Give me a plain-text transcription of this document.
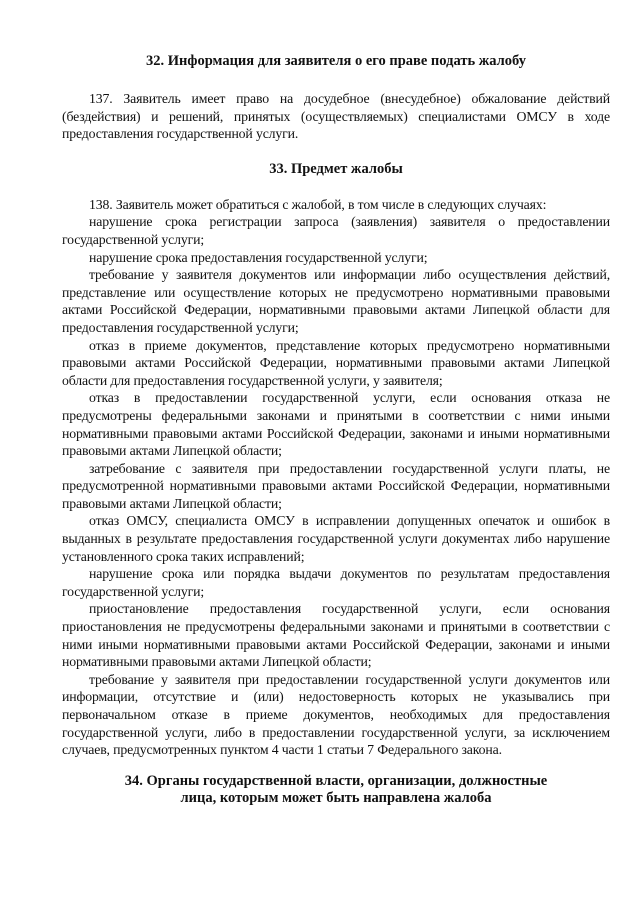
32. Информация для заявителя о его праве подать жалобу

137. Заявитель имеет право на досудебное (внесудебное) обжалование действий (бездействия) и решений, принятых (осуществляемых) специалистами ОМСУ в ходе предоставления государственной услуги.

33. Предмет жалобы

138. Заявитель может обратиться с жалобой, в том числе в следующих случаях:

нарушение срока регистрации запроса (заявления) заявителя о предоставлении государственной услуги;

нарушение срока предоставления государственной услуги;

требование у заявителя документов или информации либо осуществления действий, представление или осуществление которых не предусмотрено нормативными правовыми актами Российской Федерации, нормативными правовыми актами Липецкой области для предоставления государственной услуги;

отказ в приеме документов, представление которых предусмотрено нормативными правовыми актами Российской Федерации, нормативными правовыми актами Липецкой области для предоставления государственной услуги, у заявителя;

отказ в предоставлении государственной услуги, если основания отказа не предусмотрены федеральными законами и принятыми в соответствии с ними иными нормативными правовыми актами Российской Федерации, законами и иными нормативными правовыми актами Липецкой области;

затребование с заявителя при предоставлении государственной услуги платы, не предусмотренной нормативными правовыми актами Российской Федерации, нормативными правовыми актами Липецкой области;

отказ ОМСУ, специалиста ОМСУ в исправлении допущенных опечаток и ошибок в выданных в результате предоставления государственной услуги документах либо нарушение установленного срока таких исправлений;

нарушение срока или порядка выдачи документов по результатам предоставления государственной услуги;

приостановление предоставления государственной услуги, если основания приостановления не предусмотрены федеральными законами и принятыми в соответствии с ними иными нормативными правовыми актами Российской Федерации, законами и иными нормативными правовыми актами Липецкой области;

требование у заявителя при предоставлении государственной услуги документов или информации, отсутствие и (или) недостоверность которых не указывались при первоначальном отказе в приеме документов, необходимых для предоставления государственной услуги, либо в предоставлении государственной услуги, за исключением случаев, предусмотренных пунктом 4 части 1 статьи 7 Федерального закона.

34. Органы государственной власти, организации, должностные
лица, которым может быть направлена жалоба
